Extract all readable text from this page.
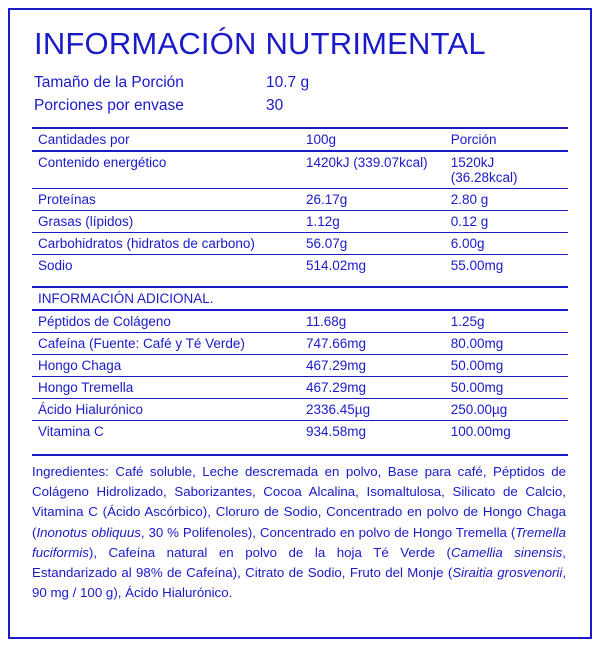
INFORMACIÓN NUTRIMENTAL
Tamaño de la Porción	10.7 g
Porciones por envase	30
Cantidades por	100g	Porción
Contenido energético	1420kJ (339.07kcal)	1520kJ (36.28kcal)
Proteínas	26.17g	2.80 g
Grasas (lípidos)	1.12g	0.12 g
Carbohidratos (hidratos de carbono)	56.07g	6.00g
Sodio	514.02mg	55.00mg

INFORMACIÓN ADICIONAL.		
Péptidos de Colágeno	11.68g	1.25g
Cafeína (Fuente: Café y Té Verde)	747.66mg	80.00mg
Hongo Chaga	467.29mg	50.00mg
Hongo Tremella	467.29mg	50.00mg
Ácido Hialurónico	2336.45µg	250.00µg
Vitamina C	934.58mg	100.00mg
Ingredientes: Café soluble, Leche descremada en polvo, Base para café, Péptidos de Colágeno Hidrolizado, Saborizantes, Cocoa Alcalina, Isomaltulosa, Silicato de Calcio, Vitamina C (Ácido Ascórbico), Cloruro de Sodio, Concentrado en polvo de Hongo Chaga (Inonotus obliquus, 30 % Polifenoles), Concentrado en polvo de Hongo Tremella (Tremella fuciformis), Cafeína natural en polvo de la hoja Té Verde (Camellia sinensis, Estandarizado al 98% de Cafeína), Citrato de Sodio, Fruto del Monje (Siraitia grosvenorii, 90 mg / 100 g), Ácido Hialurónico.
